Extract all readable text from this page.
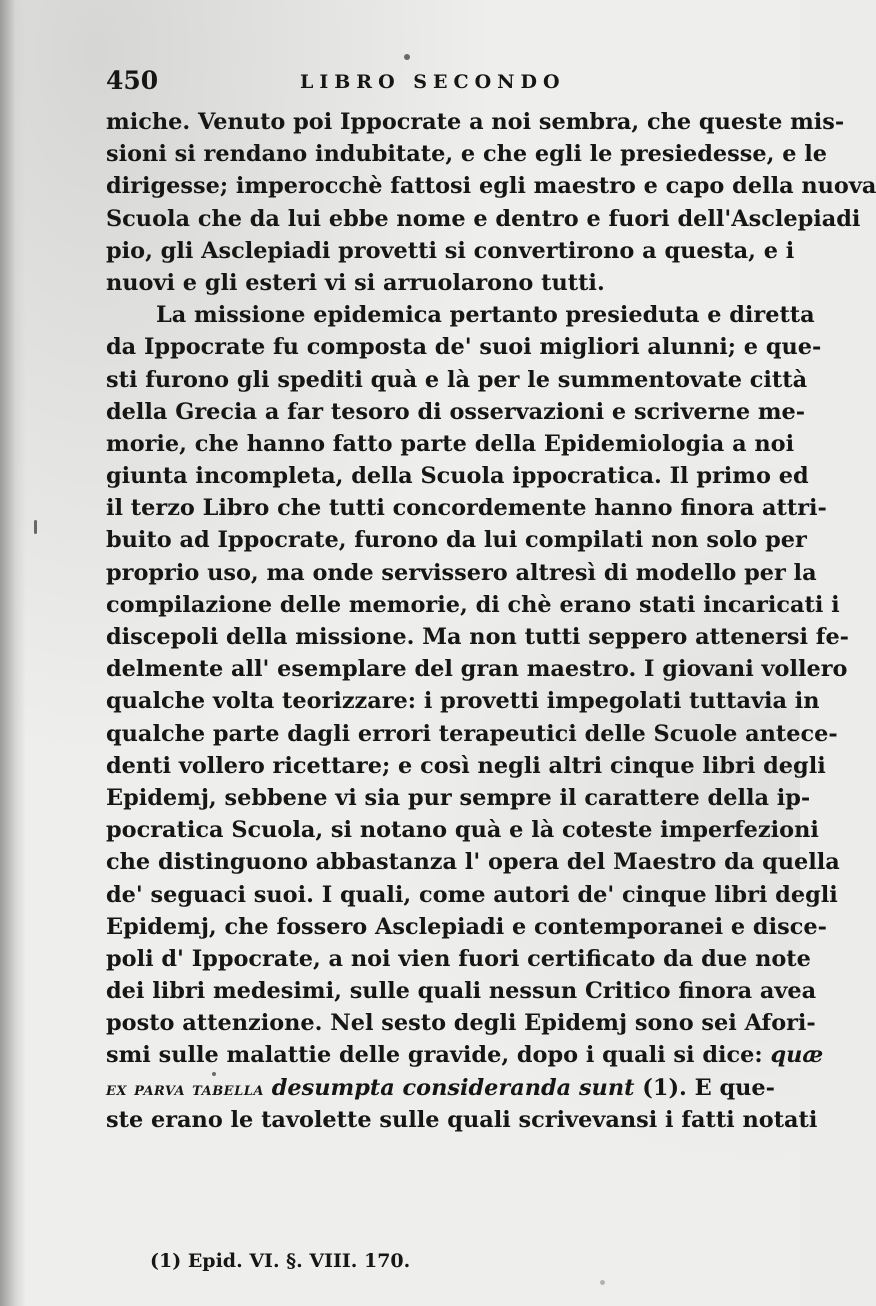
450	LIBRO SECONDO
miche. Venuto poi Ippocrate a noi sembra, che queste mis-
sioni si rendano indubitate, e che egli le presiedesse, e le
dirigesse; imperocchè fattosi egli maestro e capo della nuova
Scuola che da lui ebbe nome e dentro e fuori dell'Asclepiadi
pio, gli Asclepiadi provetti si convertirono a questa, e i
nuovi e gli esteri vi si arruolarono tutti.
La missione epidemica pertanto presieduta e diretta
da Ippocrate fu composta de' suoi migliori alunni; e que-
sti furono gli spediti quà e là per le summentovate città
della Grecia a far tesoro di osservazioni e scriverne me-
morie, che hanno fatto parte della Epidemiologia a noi
giunta incompleta, della Scuola ippocratica. Il primo ed
il terzo Libro che tutti concordemente hanno finora attri-
buito ad Ippocrate, furono da lui compilati non solo per
proprio uso, ma onde servissero altresì di modello per la
compilazione delle memorie, di chè erano stati incaricati i
discepoli della missione. Ma non tutti seppero attenersi fe-
delmente all' esemplare del gran maestro. I giovani vollero
qualche volta teorizzare: i provetti impegolati tuttavia in
qualche parte dagli errori terapeutici delle Scuole antece-
denti vollero ricettare; e così negli altri cinque libri degli
Epidemj, sebbene vi sia pur sempre il carattere della ip-
pocratica Scuola, si notano quà e là coteste imperfezioni
che distinguono abbastanza l' opera del Maestro da quella
de' seguaci suoi. I quali, come autori de' cinque libri degli
Epidemj, che fossero Asclepiadi e contemporanei e disce-
poli d' Ippocrate, a noi vien fuori certificato da due note
dei libri medesimi, sulle quali nessun Critico finora avea
posto attenzione. Nel sesto degli Epidemj sono sei Afori-
smi sulle malattie delle gravide, dopo i quali si dice: quæ
ex parva tabella desumpta considerandа sunt (1). E que-
ste erano le tavolette sulle quali scrivevansi i fatti notati
(1) Epid. VI. §. VIII. 170.
